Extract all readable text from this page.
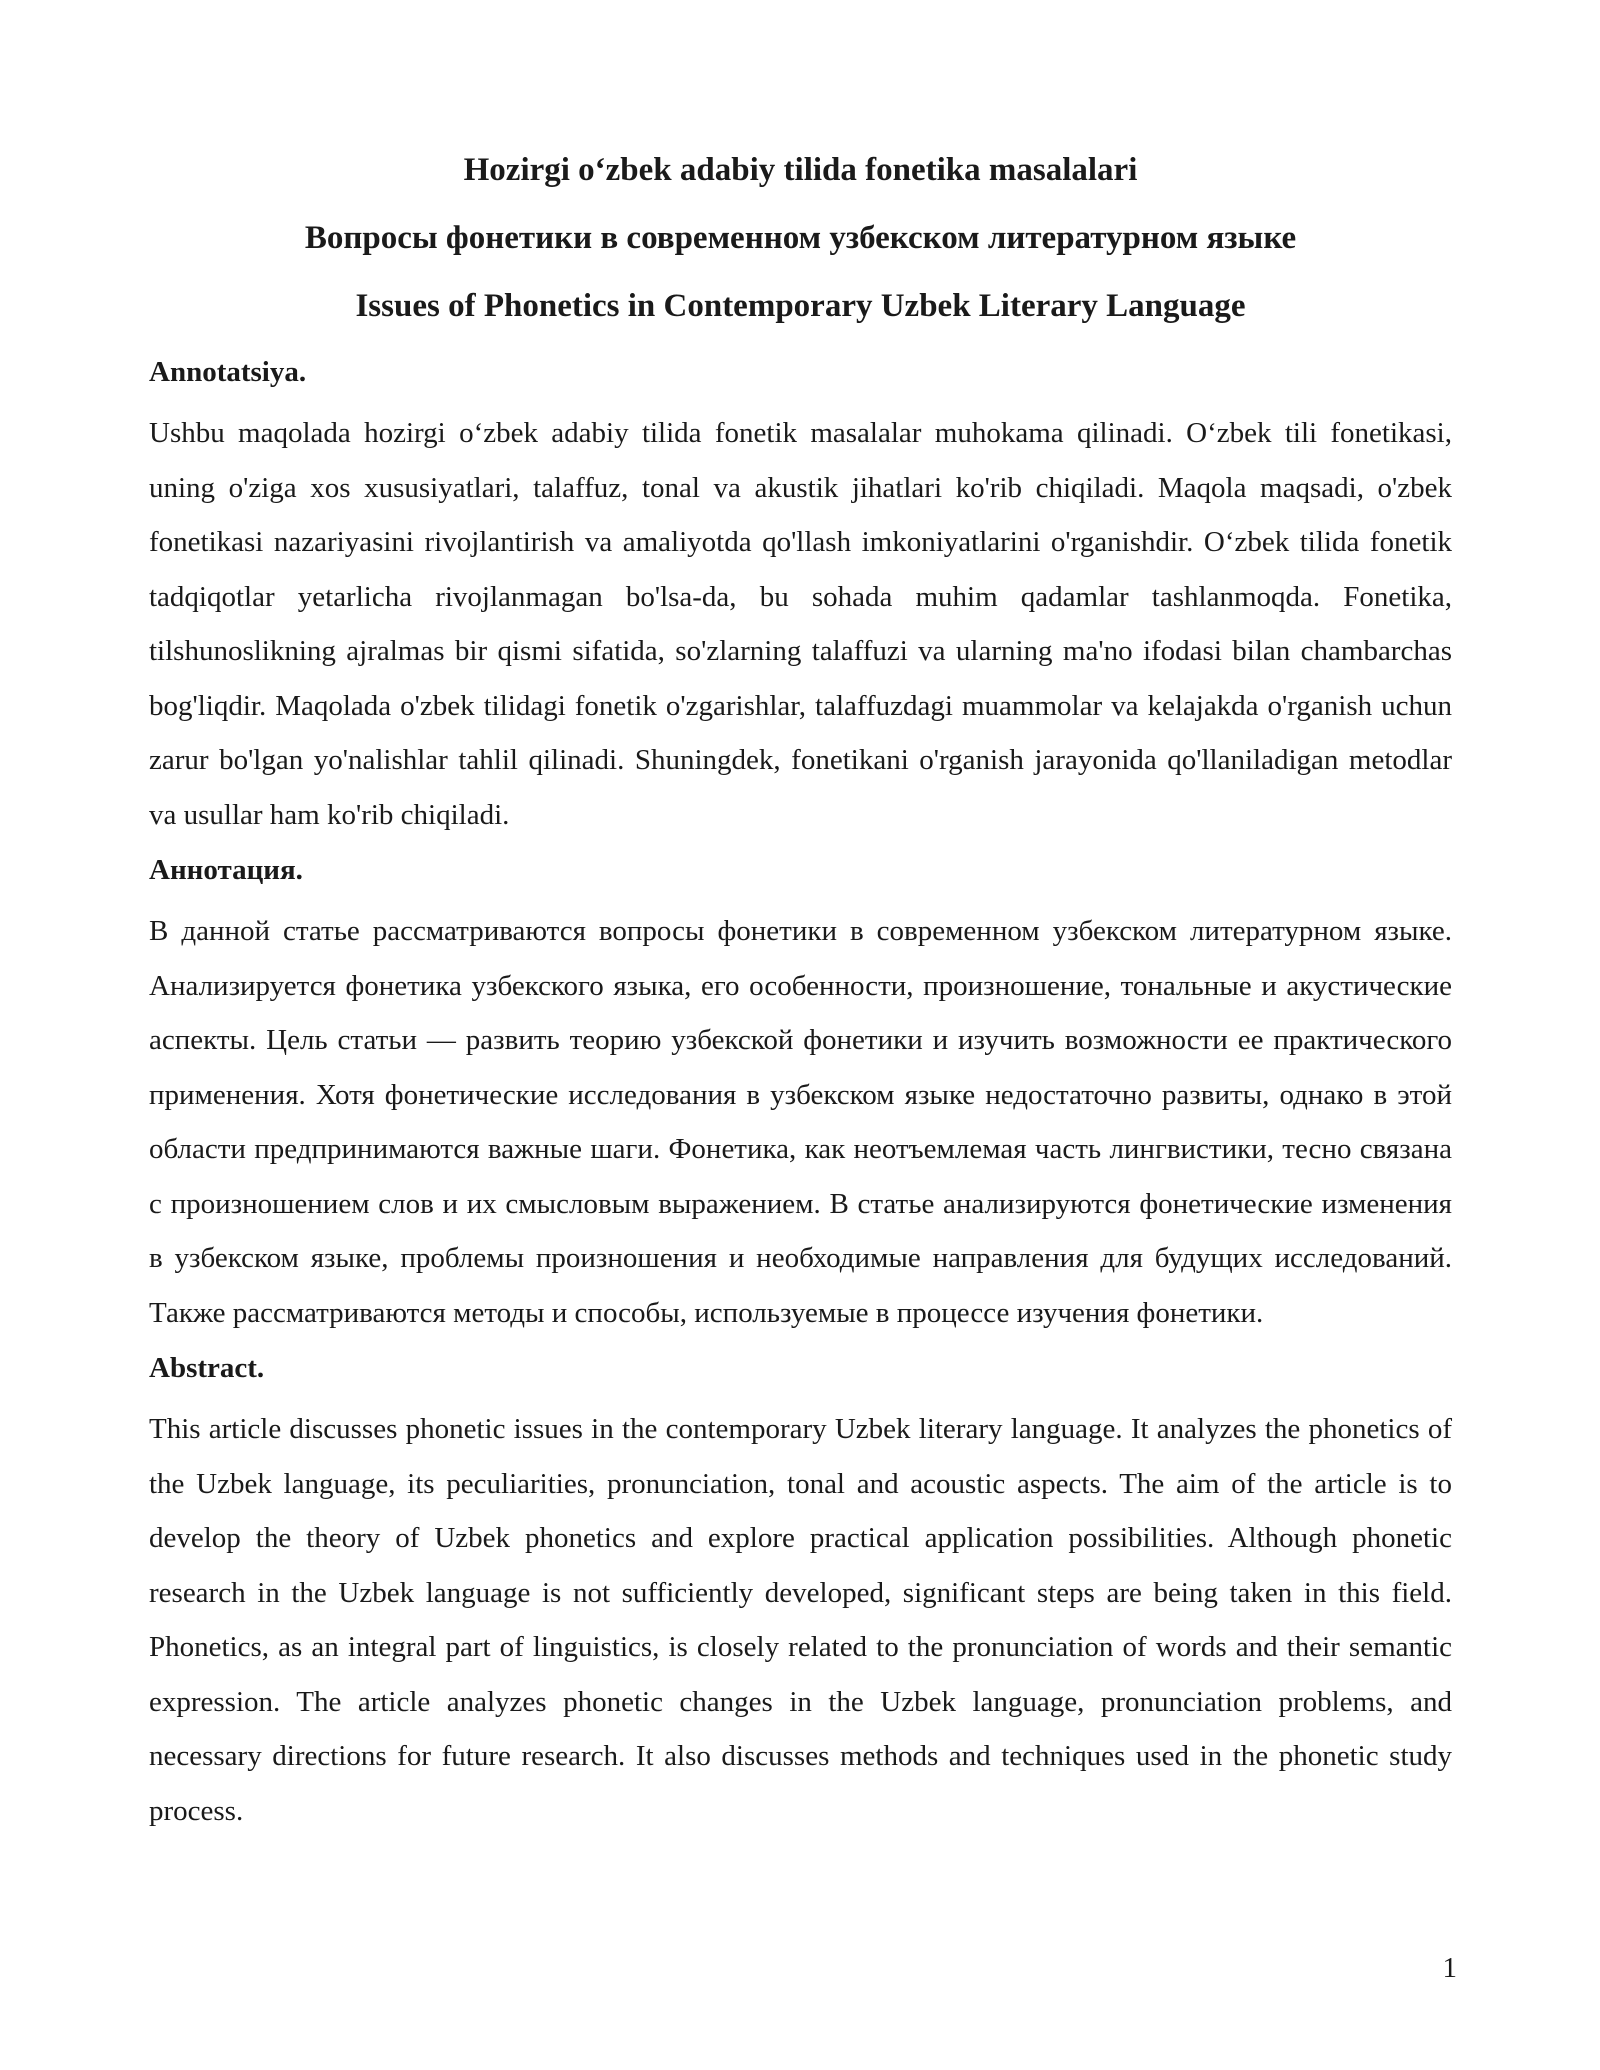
Hozirgi o‘zbek adabiy tilida fonetika masalalari
Вопросы фонетики в современном узбекском литературном языке
Issues of Phonetics in Contemporary Uzbek Literary Language
Annotatsiya.

Ushbu maqolada hozirgi o‘zbek adabiy tilida fonetik masalalar muhokama qilinadi. O‘zbek tili fonetikasi, uning o'ziga xos xususiyatlari, talaffuz, tonal va akustik jihatlari ko'rib chiqiladi. Maqola maqsadi, o'zbek fonetikasi nazariyasini rivojlantirish va amaliyotda qo'llash imkoniyatlarini o'rganishdir. O‘zbek tilida fonetik tadqiqotlar yetarlicha rivojlanmagan bo'lsa-da, bu sohada muhim qadamlar tashlanmoqda. Fonetika, tilshunoslikning ajralmas bir qismi sifatida, so'zlarning talaffuzi va ularning ma'no ifodasi bilan chambarchas bog'liqdir. Maqolada o'zbek tilidagi fonetik o'zgarishlar, talaffuzdagi muammolar va kelajakda o'rganish uchun zarur bo'lgan yo'nalishlar tahlil qilinadi. Shuningdek, fonetikani o'rganish jarayonida qo'llaniladigan metodlar va usullar ham ko'rib chiqiladi.

Аннотация.

В данной статье рассматриваются вопросы фонетики в современном узбекском литературном языке. Анализируется фонетика узбекского языка, его особенности, произношение, тональные и акустические аспекты. Цель статьи — развить теорию узбекской фонетики и изучить возможности ее практического применения. Хотя фонетические исследования в узбекском языке недостаточно развиты, однако в этой области предпринимаются важные шаги. Фонетика, как неотъемлемая часть лингвистики, тесно связана с произношением слов и их смысловым выражением. В статье анализируются фонетические изменения в узбекском языке, проблемы произношения и необходимые направления для будущих исследований. Также рассматриваются методы и способы, используемые в процессе изучения фонетики.

Abstract.

This article discusses phonetic issues in the contemporary Uzbek literary language. It analyzes the phonetics of the Uzbek language, its peculiarities, pronunciation, tonal and acoustic aspects. The aim of the article is to develop the theory of Uzbek phonetics and explore practical application possibilities. Although phonetic research in the Uzbek language is not sufficiently developed, significant steps are being taken in this field. Phonetics, as an integral part of linguistics, is closely related to the pronunciation of words and their semantic expression. The article analyzes phonetic changes in the Uzbek language, pronunciation problems, and necessary directions for future research. It also discusses methods and techniques used in the phonetic study process.

1
